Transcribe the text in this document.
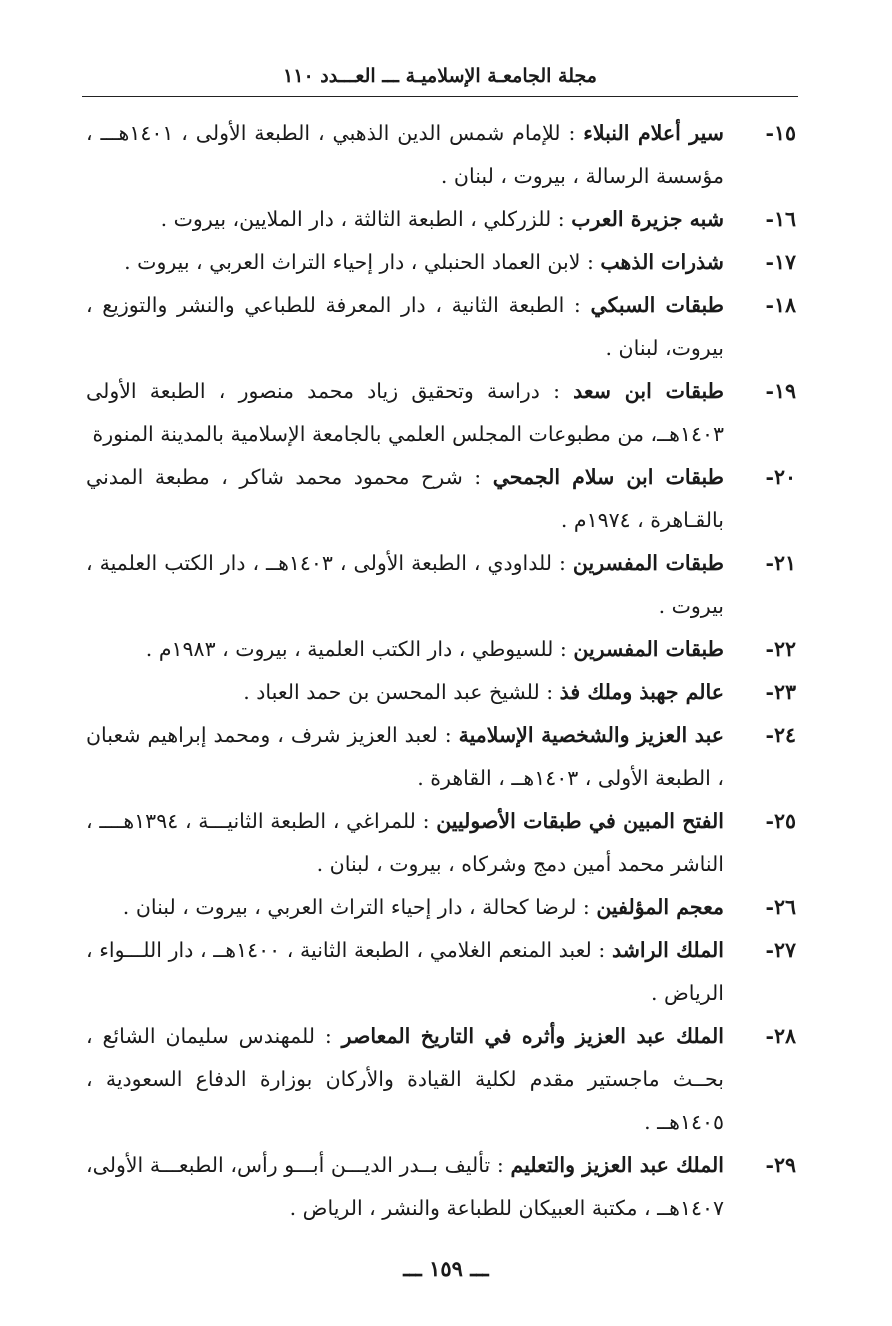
مجلة الجامعـة الإسلاميـة ـــ العـــدد ١١٠
١٥-
سير أعلام النبلاء : للإمام شمس الدين الذهبي ، الطبعة الأولى ، ١٤٠١هـــ ، مؤسسة الرسالة ، بيروت ، لبنان .
١٦-
شبه جزيرة العرب : للزركلي ، الطبعة الثالثة ، دار الملايين، بيروت .
١٧-
شذرات الذهب : لابن العماد الحنبلي ، دار إحياء التراث العربي ، بيروت .
١٨-
طبقات السبكي : الطبعة الثانية ، دار المعرفة للطباعي والنشر والتوزيع ، بيروت، لبنان .
١٩-
طبقات ابن سعد : دراسة وتحقيق زياد محمد منصور ، الطبعة الأولى ١٤٠٣هــ، من مطبوعات المجلس العلمي بالجامعة الإسلامية بالمدينة المنورة
٢٠-
طبقات ابن سلام الجمحي : شرح محمود محمد شاكر ، مطبعة المدني بالقـاهرة ، ١٩٧٤م .
٢١-
طبقات المفسرين : للداودي ، الطبعة الأولى ، ١٤٠٣هــ ، دار الكتب العلمية ، بيروت .
٢٢-
طبقات المفسرين : للسيوطي ، دار الكتب العلمية ، بيروت ، ١٩٨٣م .
٢٣-
عالم جهبذ وملك فذ : للشيخ عبد المحسن بن حمد العباد .
٢٤-
عبد العزيز والشخصية الإسلامية : لعبد العزيز شرف ، ومحمد إبراهيم شعبان ، الطبعة الأولى ، ١٤٠٣هــ ، القاهرة .
٢٥-
الفتح المبين في طبقات الأصوليين : للمراغي ، الطبعة الثانيـــة ، ١٣٩٤هــــ ، الناشر محمد أمين دمج وشركاه ، بيروت ، لبنان .
٢٦-
معجم المؤلفين : لرضا كحالة ، دار إحياء التراث العربي ، بيروت ، لبنان .
٢٧-
الملك الراشد : لعبد المنعم الغلامي ، الطبعة الثانية ، ١٤٠٠هــ ، دار اللـــواء ، الرياض .
٢٨-
الملك عبد العزيز وأثره في التاريخ المعاصر : للمهندس سليمان الشائع ، بحــث ماجستير مقدم لكلية القيادة والأركان بوزارة الدفاع السعودية ، ١٤٠٥هــ .
٢٩-
الملك عبد العزيز والتعليم : تأليف بــدر الديـــن أبـــو رأس، الطبعـــة الأولى، ١٤٠٧هــ ، مكتبة العبيكان للطباعة والنشر ، الرياض .
ـــ ١٥٩ ـــ
